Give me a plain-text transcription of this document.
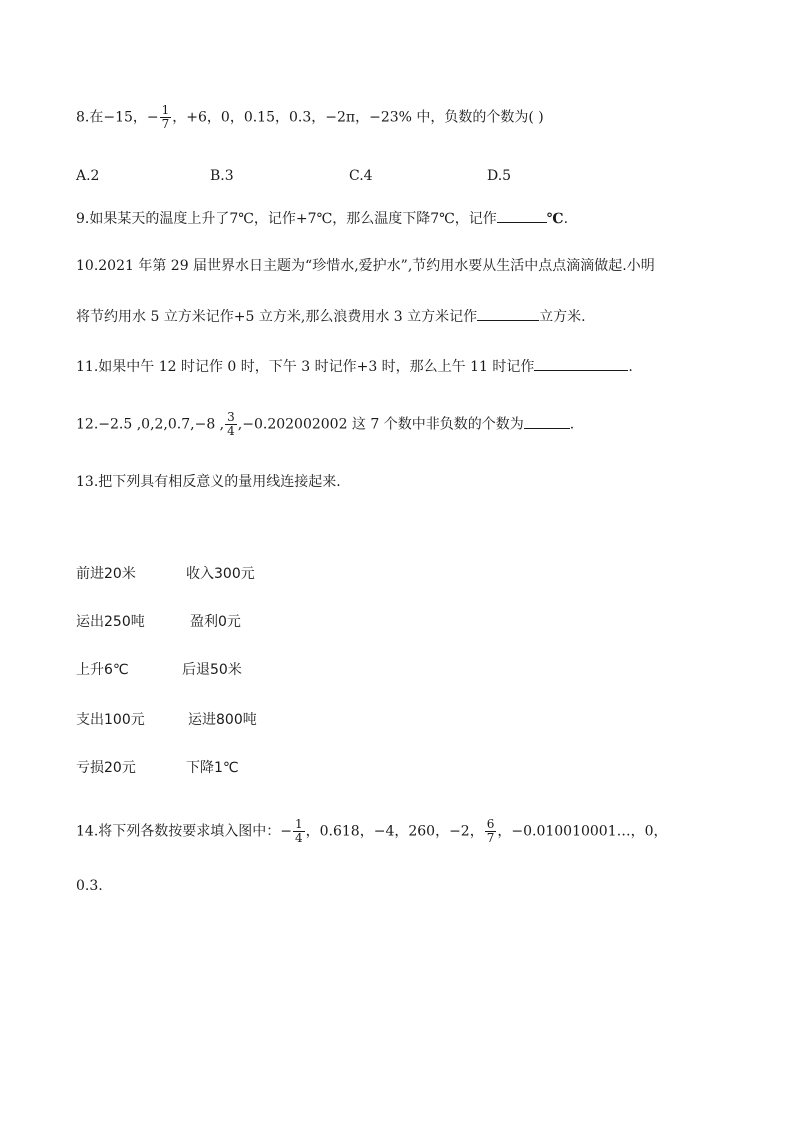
8.在−15，− $\frac{1}{7}$ ，+6，0，0.15，0.3，−2π，−23% 中，负数的个数为( )
A.2	B.3	C.4	D.5
9.如果某天的温度上升了7℃，记作+7℃，那么温度下降7℃，记作	℃.
10.2021 年第 29 届世界水日主题为“珍惜水,爱护水”,节约用水要从生活中点点滴滴做起.小明
将节约用水 5 立方米记作+5 立方米,那么浪费用水 3 立方米记作	立方米.
11.如果中午 12 时记作 0 时，下午 3 时记作+3 时，那么上午 11 时记作	.
12.−2.5 ,0,2,0.7,−8 , $\frac{3}{4} ,-0.202002002$ 这 7 个数中非负数的个数为	.
13.把下列具有相反意义的量用线连接起来.
前进20米	收入300元
运出250吨	盈利0元
上升6℃	后退50米
支出100元	运进800吨
亏损20元	下降1℃
14.将下列各数按要求填入图中：− $\frac{1}{4}$ ，0.618，−4，260，−2， $\frac{6}{7}$ ，−0.010010001…，0，
0.3.
